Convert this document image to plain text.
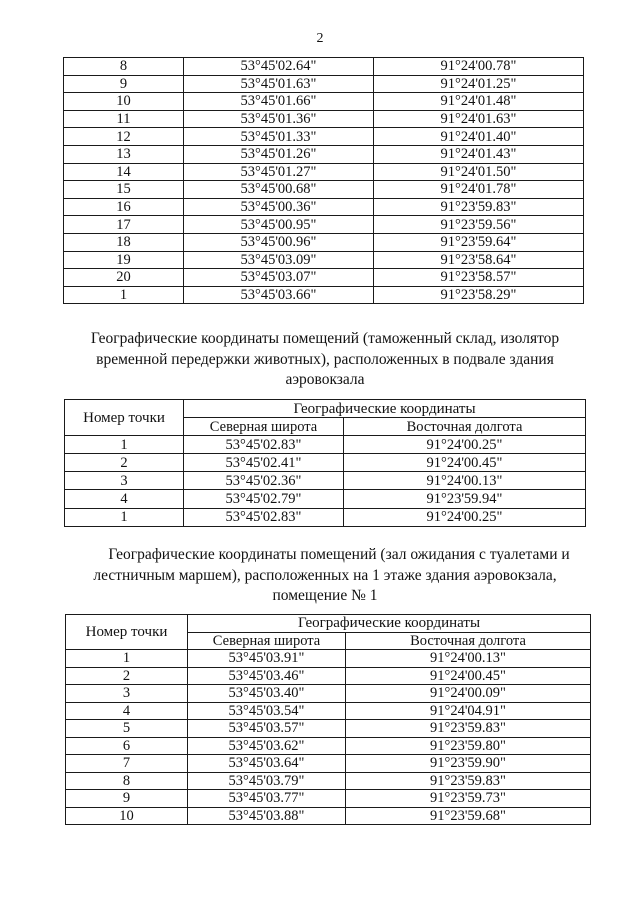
2
8	53°45'02.64"	91°24'00.78"
9	53°45'01.63"	91°24'01.25"
10	53°45'01.66"	91°24'01.48"
11	53°45'01.36"	91°24'01.63"
12	53°45'01.33"	91°24'01.40"
13	53°45'01.26"	91°24'01.43"
14	53°45'01.27"	91°24'01.50"
15	53°45'00.68"	91°24'01.78"
16	53°45'00.36"	91°23'59.83"
17	53°45'00.95"	91°23'59.56"
18	53°45'00.96"	91°23'59.64"
19	53°45'03.09"	91°23'58.64"
20	53°45'03.07"	91°23'58.57"
1	53°45'03.66"	91°23'58.29"
Географические координаты помещений (таможенный склад, изолятор
временной передержки животных), расположенных в подвале здания
аэровокзала
Номер точки	Географические координаты	
	Северная широта	Восточная долгота
1	53°45'02.83"	91°24'00.25"
2	53°45'02.41"	91°24'00.45"
3	53°45'02.36"	91°24'00.13"
4	53°45'02.79"	91°23'59.94"
1	53°45'02.83"	91°24'00.25"
Географические координаты помещений (зал ожидания с туалетами и
лестничным маршем), расположенных на 1 этаже здания аэровокзала,
помещение № 1
Номер точки	Географические координаты	
	Северная широта	Восточная долгота
1	53°45'03.91"	91°24'00.13"
2	53°45'03.46"	91°24'00.45"
3	53°45'03.40"	91°24'00.09"
4	53°45'03.54"	91°24'04.91"
5	53°45'03.57"	91°23'59.83"
6	53°45'03.62"	91°23'59.80"
7	53°45'03.64"	91°23'59.90"
8	53°45'03.79"	91°23'59.83"
9	53°45'03.77"	91°23'59.73"
10	53°45'03.88"	91°23'59.68"
